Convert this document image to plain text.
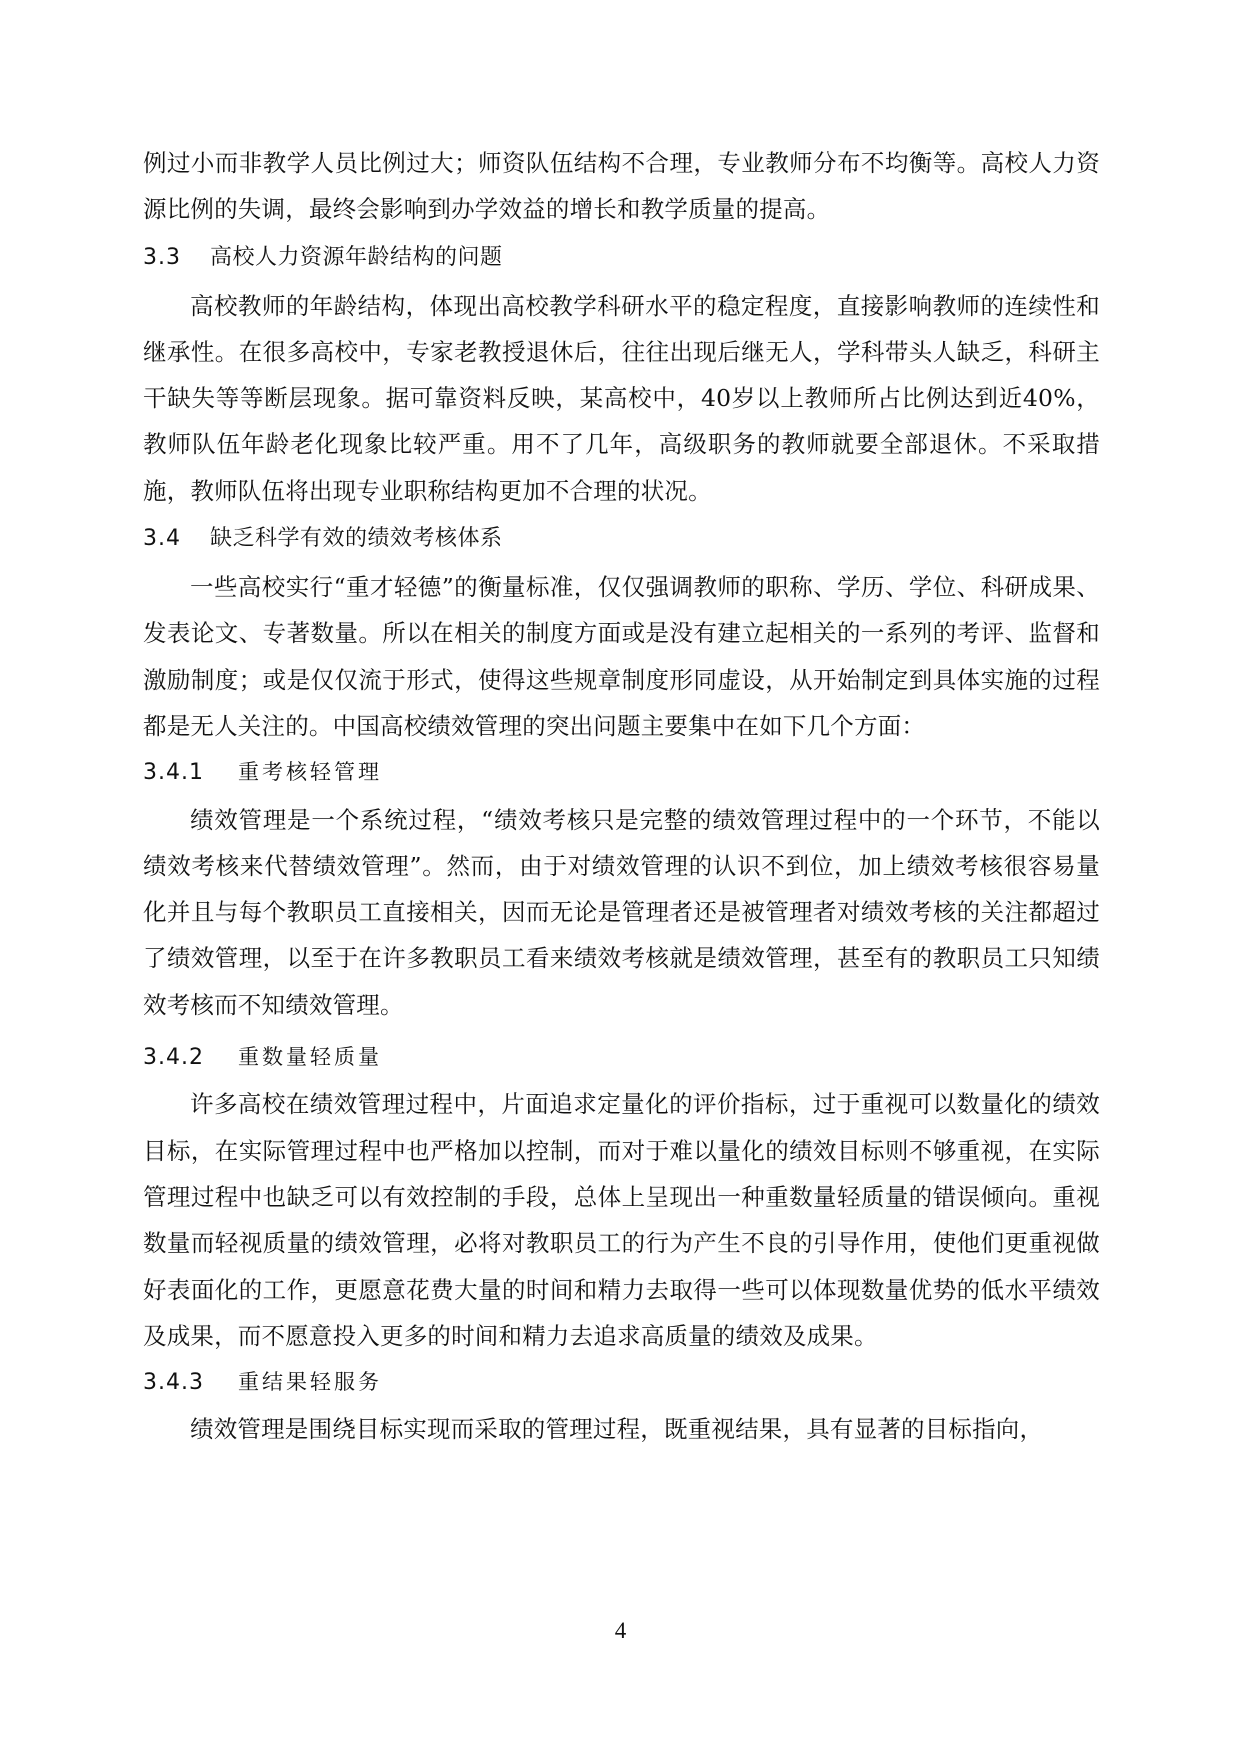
例过小而非教学人员比例过大；师资队伍结构不合理，专业教师分布不均衡等。高校人力资源比例的失调，最终会影响到办学效益的增长和教学质量的提高。

3.3 高校人力资源年龄结构的问题

高校教师的年龄结构，体现出高校教学科研水平的稳定程度，直接影响教师的连续性和继承性。在很多高校中，专家老教授退休后，往往出现后继无人，学科带头人缺乏，科研主干缺失等等断层现象。据可靠资料反映，某高校中，40岁以上教师所占比例达到近40%，教师队伍年龄老化现象比较严重。用不了几年，高级职务的教师就要全部退休。不采取措施，教师队伍将出现专业职称结构更加不合理的状况。

3.4 缺乏科学有效的绩效考核体系

一些高校实行“重才轻德”的衡量标准，仅仅强调教师的职称、学历、学位、科研成果、发表论文、专著数量。所以在相关的制度方面或是没有建立起相关的一系列的考评、监督和激励制度；或是仅仅流于形式，使得这些规章制度形同虚设，从开始制定到具体实施的过程都是无人关注的。中国高校绩效管理的突出问题主要集中在如下几个方面：

3.4.1 重考核轻管理

绩效管理是一个系统过程，“绩效考核只是完整的绩效管理过程中的一个环节，不能以绩效考核来代替绩效管理”。然而，由于对绩效管理的认识不到位，加上绩效考核很容易量化并且与每个教职员工直接相关，因而无论是管理者还是被管理者对绩效考核的关注都超过了绩效管理，以至于在许多教职员工看来绩效考核就是绩效管理，甚至有的教职员工只知绩效考核而不知绩效管理。

3.4.2 重数量轻质量

许多高校在绩效管理过程中，片面追求定量化的评价指标，过于重视可以数量化的绩效目标，在实际管理过程中也严格加以控制，而对于难以量化的绩效目标则不够重视，在实际管理过程中也缺乏可以有效控制的手段，总体上呈现出一种重数量轻质量的错误倾向。重视数量而轻视质量的绩效管理，必将对教职员工的行为产生不良的引导作用，使他们更重视做好表面化的工作，更愿意花费大量的时间和精力去取得一些可以体现数量优势的低水平绩效及成果，而不愿意投入更多的时间和精力去追求高质量的绩效及成果。

3.4.3 重结果轻服务

绩效管理是围绕目标实现而采取的管理过程，既重视结果，具有显著的目标指向，

4
